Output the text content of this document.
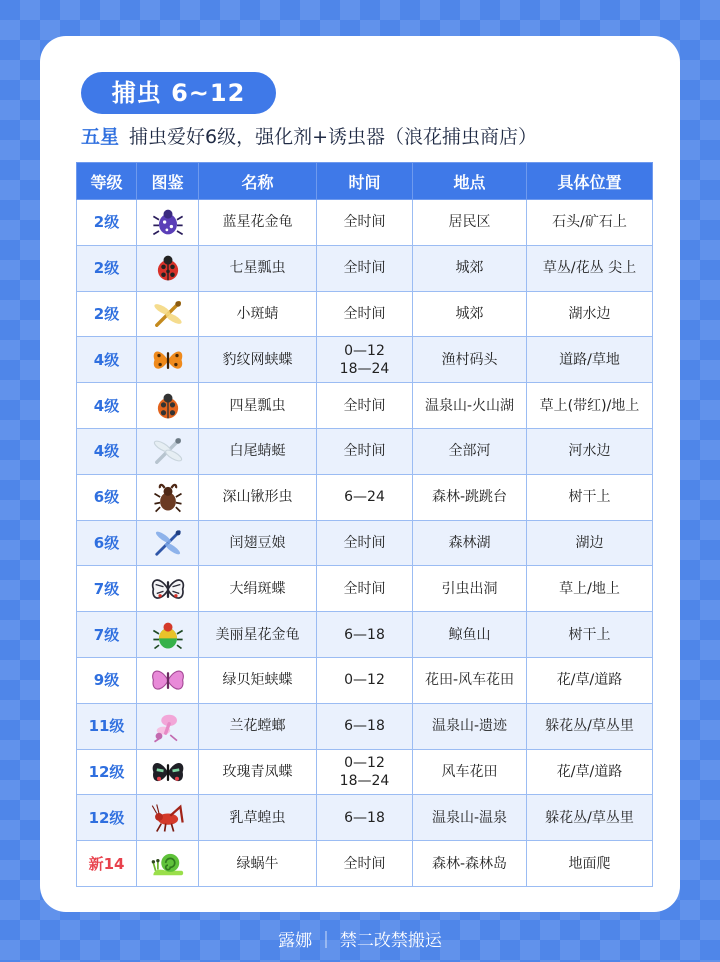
捕虫 6~12
五星 捕虫爱好6级，强化剂+诱虫器（浪花捕虫商店）
等级	图鉴	名称	时间	地点	具体位置
2级		蓝星花金龟	全时间	居民区	石头/矿石上
2级		七星瓢虫	全时间	城郊	草丛/花丛 尖上
2级		小斑蜻	全时间	城郊	湖水边
4级		豹纹网蛱蝶	0—12
18—24	渔村码头	道路/草地
4级		四星瓢虫	全时间	温泉山-火山湖	草上(带红)/地上
4级		白尾蜻蜓	全时间	全部河	河水边
6级		深山锹形虫	6—24	森林-跳跳台	树干上
6级		闰翅豆娘	全时间	森林湖	湖边
7级		大绢斑蝶	全时间	引虫出洞	草上/地上
7级		美丽星花金龟	6—18	鲸鱼山	树干上
9级		绿贝矩蛱蝶	0—12	花田-风车花田	花/草/道路
11级		兰花螳螂	6—18	温泉山-遗迹	躲花丛/草丛里
12级		玫瑰青凤蝶	0—12
18—24	风车花田	花/草/道路
12级		乳草蝗虫	6—18	温泉山-温泉	躲花丛/草丛里
新14		绿蜗牛	全时间	森林-森林岛	地面爬
露娜 ｜ 禁二改禁搬运
